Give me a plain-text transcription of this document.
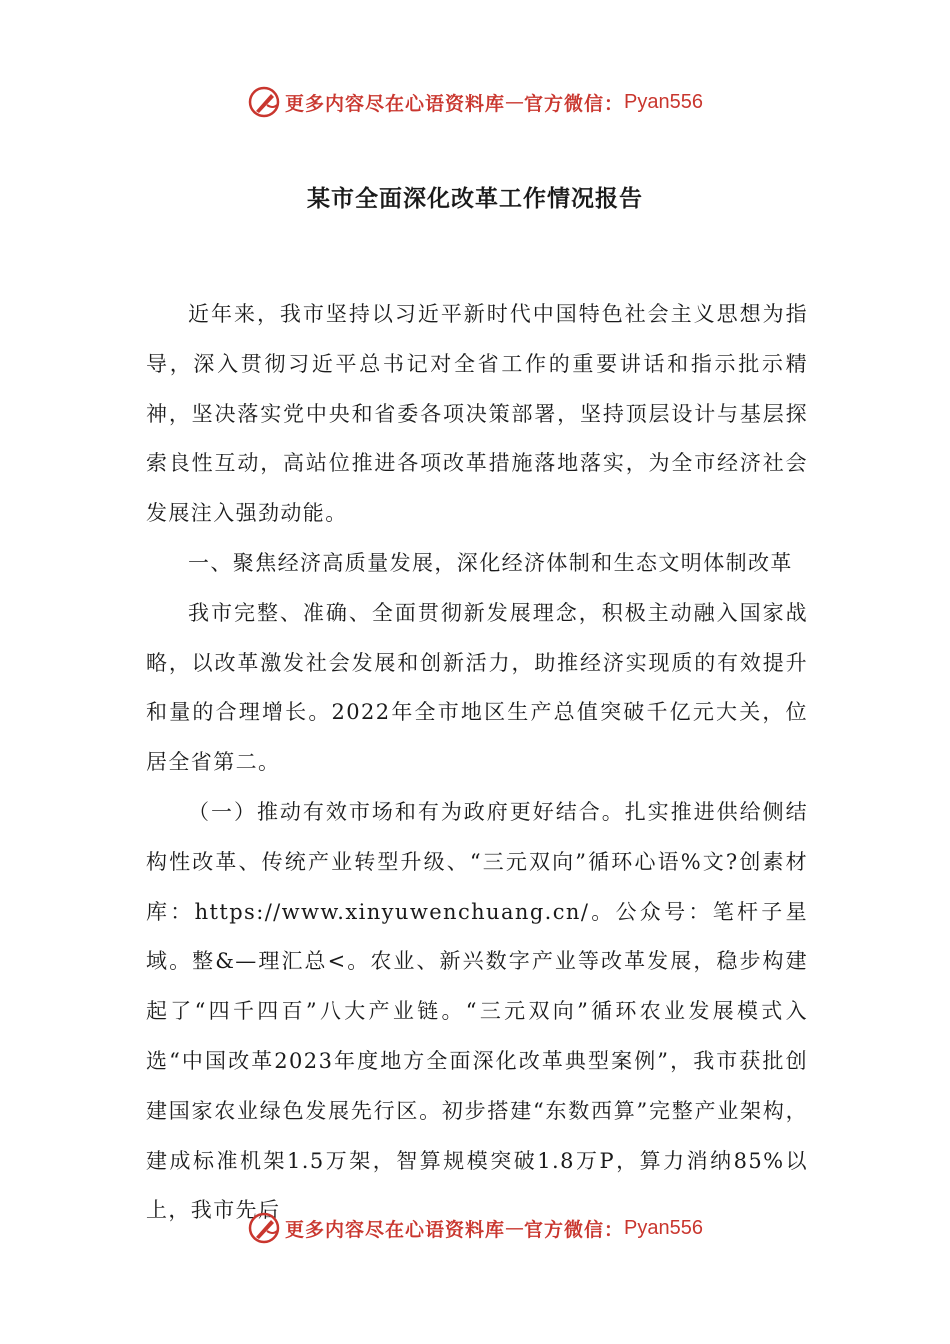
更多内容尽在心语资料库 — 官方微信： Pyan556
某市全面深化改革工作情况报告

近年来，我市坚持以习近平新时代中国特色社会主义思想为指导，深入贯彻习近平总书记对全省工作的重要讲话和指示批示精神，坚决落实党中央和省委各项决策部署，坚持顶层设计与基层探索良性互动，高站位推进各项改革措施落地落实，为全市经济社会发展注入强劲动能。

一、聚焦经济高质量发展，深化经济体制和生态文明体制改革

我市完整、准确、全面贯彻新发展理念，积极主动融入国家战略，以改革激发社会发展和创新活力，助推经济实现质的有效提升和量的合理增长。2022年全市地区生产总值突破千亿元大关，位居全省第二。

（一）推动有效市场和有为政府更好结合。扎实推进供给侧结构性改革、传统产业转型升级、“三元双向”循环心语%文?创素材库：https://www.xinyuwenchuang.cn/。公众号：笔杆子星域。整&—理汇总<。农业、新兴数字产业等改革发展，稳步构建起了“四千四百”八大产业链。“三元双向”循环农业发展模式入选“中国改革2023年度地方全面深化改革典型案例”，我市获批创建国家农业绿色发展先行区。初步搭建“东数西算”完整产业架构，建成标准机架1.5万架，智算规模突破1.8万P，算力消纳85%以上，我市先后

更多内容尽在心语资料库 — 官方微信： Pyan556
